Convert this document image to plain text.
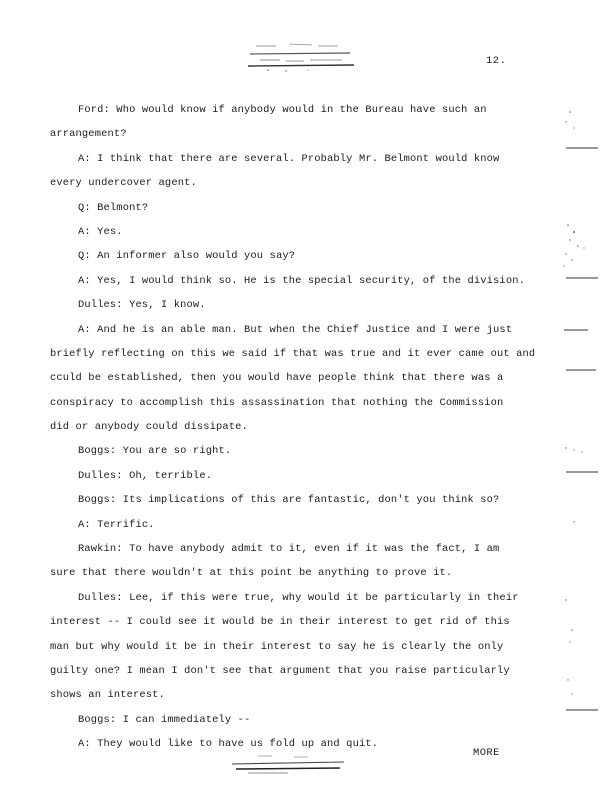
12.
Ford: Who would know if anybody would in the Bureau have such an
arrangement?
A: I think that there are several. Probably Mr. Belmont would know
every undercover agent.
Q: Belmont?
A: Yes.
Q: An informer also would you say?
A: Yes, I would think so. He is the special security, of the division.
Dulles: Yes, I know.
A: And he is an able man. But when the Chief Justice and I were just
briefly reflecting on this we said if that was true and it ever came out and
cculd be established, then you would have people think that there was a
conspiracy to accomplish this assassination that nothing the Commission
did or anybody could dissipate.
Boggs: You are so right.
Dulles: Oh, terrible.
Boggs: Its implications of this are fantastic, don't you think so?
A: Terrific.
Rawkin: To have anybody admit to it, even if it was the fact, I am
sure that there wouldn't at this point be anything to prove it.
Dulles: Lee, if this were true, why would it be particularly in their
interest -- I could see it would be in their interest to get rid of this
man but why would it be in their interest to say he is clearly the only
guilty one? I mean I don't see that argument that you raise particularly
shows an interest.
Boggs: I can immediately --
A: They would like to have us fold up and quit.
MORE
